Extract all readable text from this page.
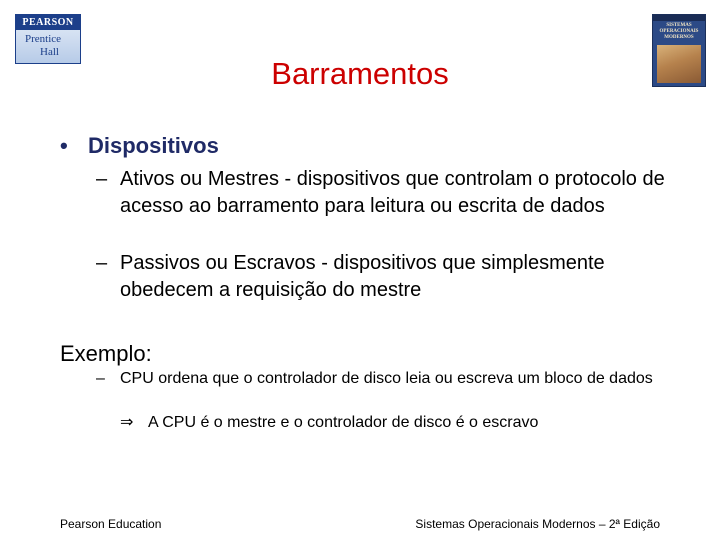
PEARSON
Prentice
Hall
SISTEMAS OPERACIONAIS MODERNOS
Barramentos
• Dispositivos
– Ativos ou Mestres - dispositivos que controlam o protocolo de acesso ao barramento para leitura ou escrita de dados
– Passivos ou Escravos - dispositivos que simplesmente obedecem a requisição do mestre
Exemplo:
– CPU ordena que o controlador de disco leia ou escreva um bloco de dados
⇒ A CPU é o mestre e o controlador de disco é o escravo
Pearson Education	Sistemas Operacionais Modernos – 2ª Edição
